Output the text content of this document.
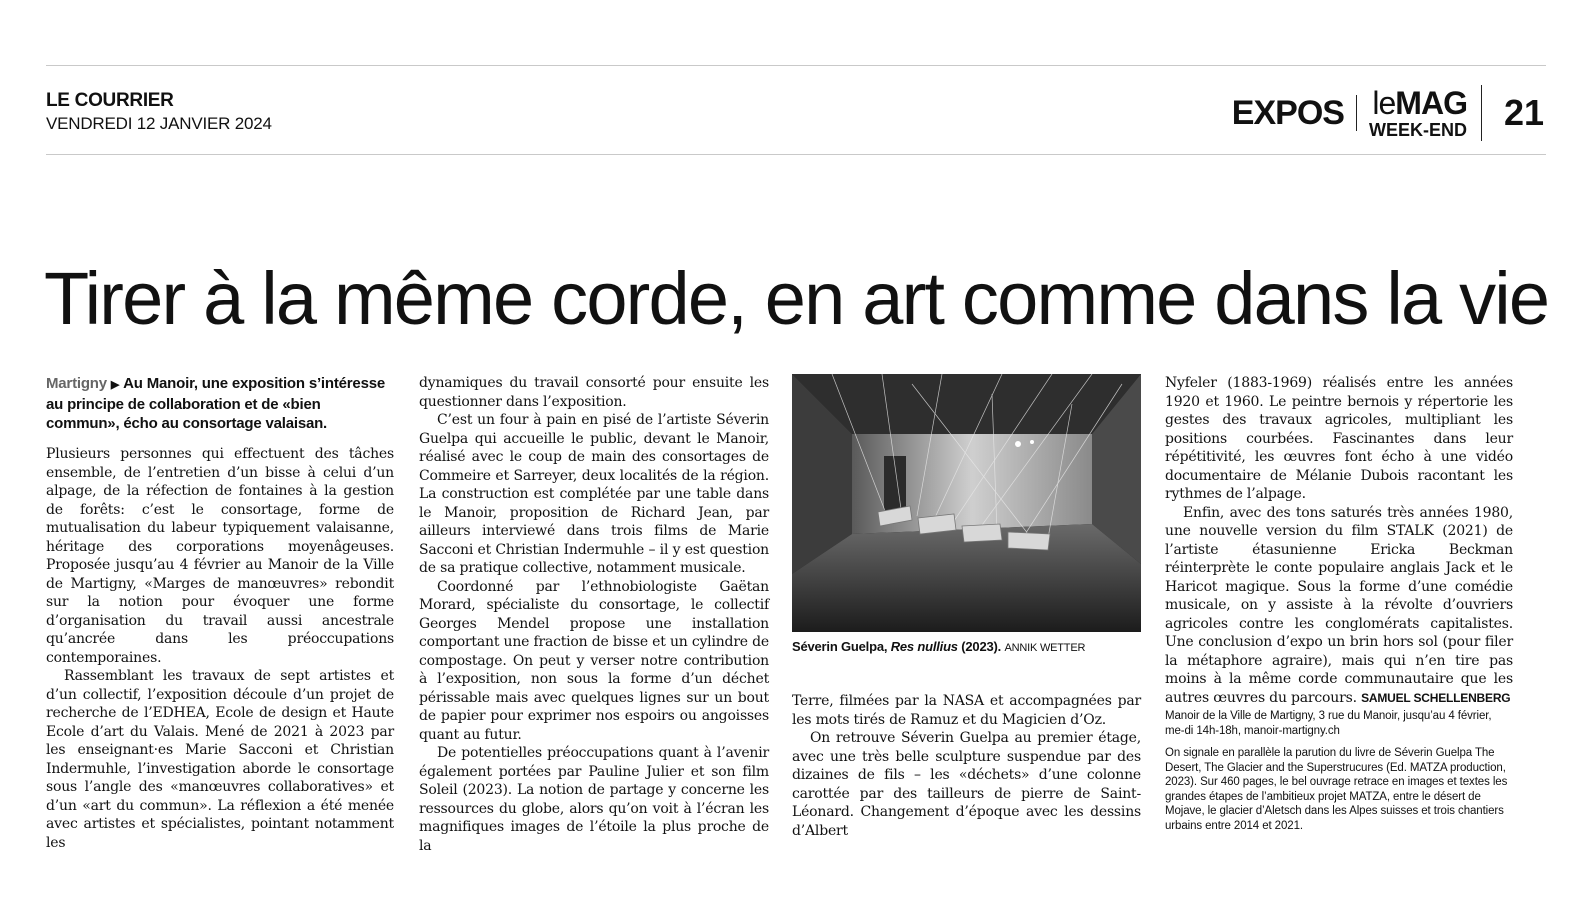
LE COURRIER
VENDREDI 12 JANVIER 2024	EXPOS leMAG
WEEK-END 21
Tirer à la même corde, en art comme dans la vie
Martigny ▶ Au Manoir, une exposition s’intéresse au principe de collaboration et de «bien commun», écho au consortage valaisan.

Plusieurs personnes qui effectuent des tâches ensemble, de l’entretien d’un bisse à celui d’un alpage, de la réfection de fontaines à la gestion de forêts: c’est le consortage, forme de mutualisation du labeur typiquement valaisanne, héritage des corporations moyenâgeuses. Proposée jusqu’au 4 février au Manoir de la Ville de Martigny, «Marges de manœuvres» rebondit sur la notion pour évoquer une forme d’organisation du travail aussi ancestrale qu’ancrée dans les préoccupations contemporaines.

Rassemblant les travaux de sept artistes et d’un collectif, l’exposition découle d’un projet de recherche de l’EDHEA, Ecole de design et Haute Ecole d’art du Valais. Mené de 2021 à 2023 par les enseignant·es Marie Sacconi et Christian Indermuhle, l’investigation aborde le consortage sous l’angle des «manœuvres collaboratives» et d’un «art du commun». La réflexion a été menée avec artistes et spécialistes, pointant notamment les

dynamiques du travail consorté pour ensuite les questionner dans l’exposition.

C’est un four à pain en pisé de l’artiste Séverin Guelpa qui accueille le public, devant le Manoir, réalisé avec le coup de main des consortages de Commeire et Sarreyer, deux localités de la région. La construction est complétée par une table dans le Manoir, proposition de Richard Jean, par ailleurs interviewé dans trois films de Marie Sacconi et Christian Indermuhle – il y est question de sa pratique collective, notamment musicale.

Coordonné par l’ethnobiologiste Gaëtan Morard, spécialiste du consortage, le collectif Georges Mendel propose une installation comportant une fraction de bisse et un cylindre de compostage. On peut y verser notre contribution à l’exposition, non sous la forme d’un déchet périssable mais avec quelques lignes sur un bout de papier pour exprimer nos espoirs ou angoisses quant au futur.

De potentielles préoccupations quant à l’avenir également portées par Pauline Julier et son film Soleil (2023). La notion de partage y concerne les ressources du globe, alors qu’on voit à l’écran les magnifiques images de l’étoile la plus proche de la

Séverin Guelpa, Res nullius (2023). ANNIK WETTER

Terre, filmées par la NASA et accompagnées par les mots tirés de Ramuz et du Magicien d’Oz.

On retrouve Séverin Guelpa au premier étage, avec une très belle sculpture suspendue par des dizaines de fils – les «déchets» d’une colonne carottée par des tailleurs de pierre de Saint-Léonard. Changement d’époque avec les dessins d’Albert

Nyfeler (1883-1969) réalisés entre les années 1920 et 1960. Le peintre bernois y répertorie les gestes des travaux agricoles, multipliant les positions courbées. Fascinantes dans leur répétitivité, les œuvres font écho à une vidéo documentaire de Mélanie Dubois racontant les rythmes de l’alpage.

Enfin, avec des tons saturés très années 1980, une nouvelle version du film STALK (2021) de l’artiste étasunienne Ericka Beckman réinterprète le conte populaire anglais Jack et le Haricot magique. Sous la forme d’une comédie musicale, on y assiste à la révolte d’ouvriers agricoles contre les conglomérats capitalistes. Une conclusion d’expo un brin hors sol (pour filer la métaphore agraire), mais qui n’en tire pas moins à la même corde communautaire que les autres œuvres du parcours. SAMUEL SCHELLENBERG

Manoir de la Ville de Martigny, 3 rue du Manoir, jusqu’au 4 février, me-di 14h-18h, manoir-martigny.ch
On signale en parallèle la parution du livre de Séverin Guelpa The Desert, The Glacier and the Superstrucures (Ed. MATZA production, 2023). Sur 460 pages, le bel ouvrage retrace en images et textes les grandes étapes de l’ambitieux projet MATZA, entre le désert de Mojave, le glacier d’Aletsch dans les Alpes suisses et trois chantiers urbains entre 2014 et 2021.
